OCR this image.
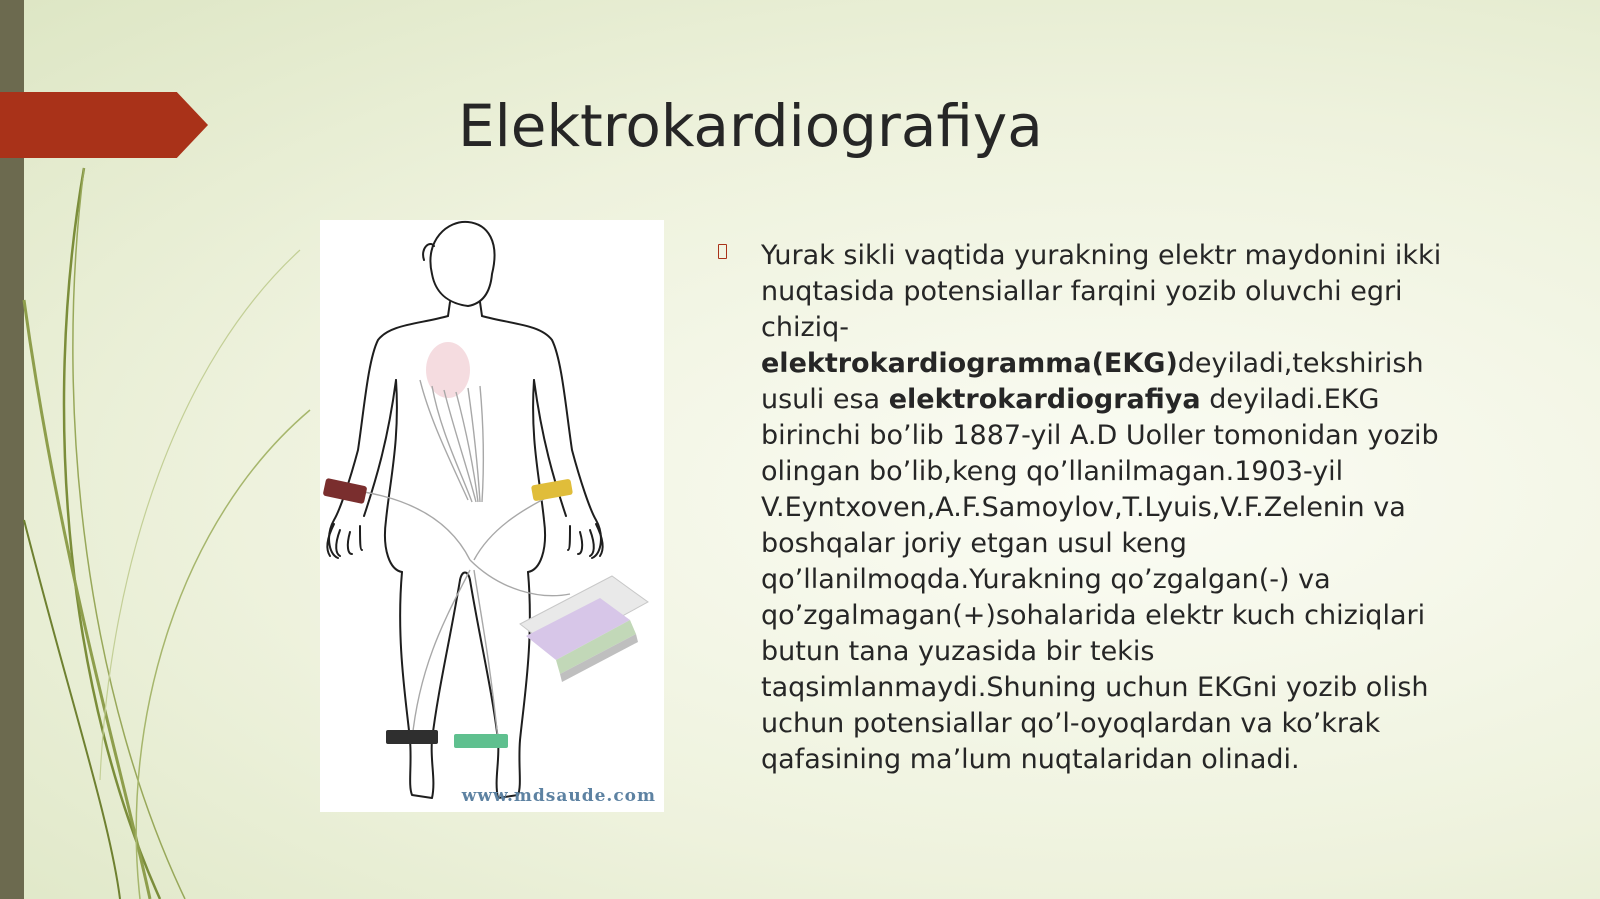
Elektrokardiografiya
www.mdsaude.com

Yurak sikli vaqtida yurakning elektr maydonini ikki nuqtasida potensiallar farqini yozib oluvchi egri chiziq-elektrokardiogramma(EKG)deyiladi,tekshirish usuli esa elektrokardiografiya deyiladi.EKG birinchi bo’lib 1887-yil A.D Uoller tomonidan yozib olingan bo’lib,keng qo’llanilmagan.1903-yil V.Eyntxoven,A.F.Samoylov,T.Lyuis,V.F.Zelenin va boshqalar joriy etgan usul keng qo’llanilmoqda.Yurakning qo’zgalgan(-) va qo’zgalmagan(+)sohalarida elektr kuch chiziqlari butun tana yuzasida bir tekis taqsimlanmaydi.Shuning uchun EKGni yozib olish uchun potensiallar qo’l-oyoqlardan va ko’krak qafasining ma’lum nuqtalaridan olinadi.
